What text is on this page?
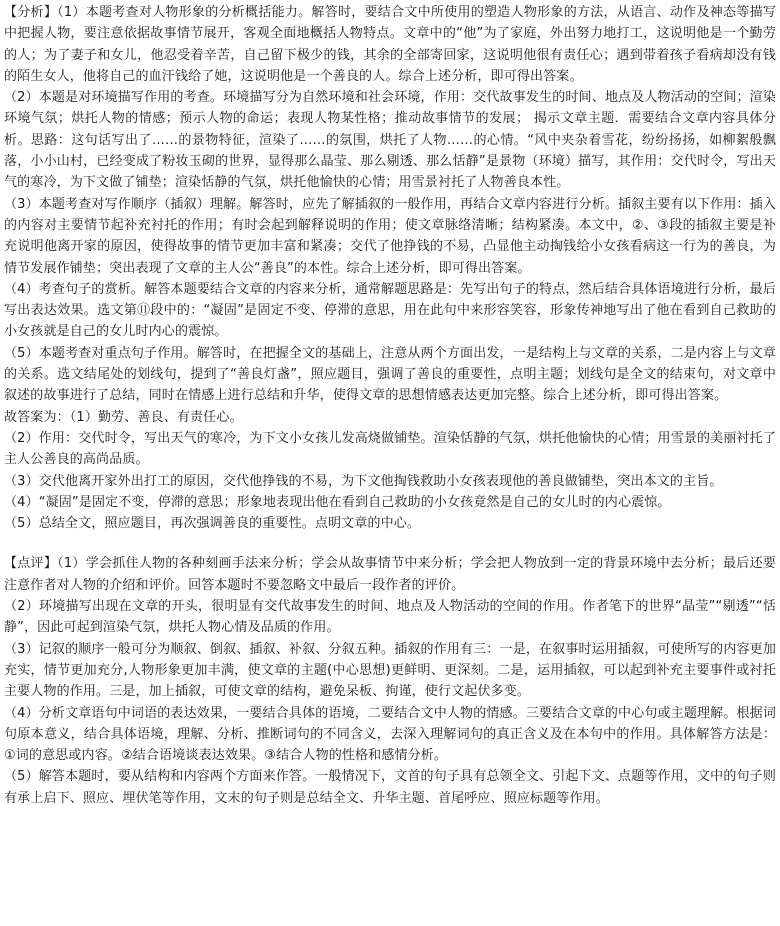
【分析】（1）本题考查对人物形象的分析概括能力。解答时，要结合文中所使用的塑造人物形象的方法，从语言、动作及神态等描写中把握人物，要注意依据故事情节展开，客观全面地概括人物特点。文章中的“他”为了家庭，外出努力地打工，这说明他是一个勤劳的人；为了妻子和女儿，他忍受着辛苦，自己留下极少的钱，其余的全部寄回家，这说明他很有责任心；遇到带着孩子看病却没有钱的陌生女人，他将自己的血汗钱给了她，这说明他是一个善良的人。综合上述分析，即可得出答案。

（2）本题是对环境描写作用的考查。环境描写分为自然环境和社会环境，作用：交代故事发生的时间、地点及人物活动的空间；渲染环境气氛；烘托人物的情感；预示人物的命运；表现人物某性格；推动故事情节的发展； 揭示文章主题．需要结合文章内容具体分析。思路：这句话写出了……的景物特征，渲染了……的氛围，烘托了人物……的心情。“风中夹杂着雪花，纷纷扬扬，如柳絮般飘落，小小山村，已经变成了粉妆玉砌的世界，显得那么晶莹、那么剔透、那么恬静”是景物（环境）描写，其作用：交代时令，写出天气的寒冷，为下文做了铺垫；渲染恬静的气氛，烘托他愉快的心情；用雪景衬托了人物善良本性。

（3）本题考查对写作顺序（插叙）理解。解答时，应先了解插叙的一般作用，再结合文章内容进行分析。插叙主要有以下作用：插入的内容对主要情节起补充衬托的作用；有时会起到解释说明的作用；使文章脉络清晰；结构紧凑。本文中，②、③段的插叙主要是补充说明他离开家的原因，使得故事的情节更加丰富和紧凑；交代了他挣钱的不易，凸显他主动掏钱给小女孩看病这一行为的善良，为情节发展作铺垫；突出表现了文章的主人公“善良”的本性。综合上述分析，即可得出答案。

（4）考查句子的赏析。解答本题要结合文章的内容来分析，通常解题思路是：先写出句子的特点，然后结合具体语境进行分析，最后写出表达效果。选文第⑪段中的：“凝固”是固定不变、停滞的意思，用在此句中来形容笑容，形象传神地写出了他在看到自己救助的小女孩就是自己的女儿时内心的震惊。

（5）本题考查对重点句子作用。解答时，在把握全文的基础上，注意从两个方面出发，一是结构上与文章的关系，二是内容上与文章的关系。选文结尾处的划线句，提到了“善良灯盏”，照应题目，强调了善良的重要性，点明主题；划线句是全文的结束句，对文章中叙述的故事进行了总结，同时在情感上进行总结和升华，使得文章的思想情感表达更加完整。综合上述分析，即可得出答案。

故答案为：（1）勤劳、善良、有责任心。

（2）作用：交代时令，写出天气的寒冷，为下文小女孩儿发高烧做铺垫。渲染恬静的气氛，烘托他愉快的心情；用雪景的美丽衬托了主人公善良的高尚品质。

（3）交代他离开家外出打工的原因，交代他挣钱的不易，为下文他掏钱救助小女孩表现他的善良做铺垫，突出本文的主旨。

（4）“凝固”是固定不变，停滞的意思；形象地表现出他在看到自己救助的小女孩竟然是自己的女儿时的内心震惊。

（5）总结全文，照应题目，再次强调善良的重要性。点明文章的中心。

【点评】（1）学会抓住人物的各种刻画手法来分析；学会从故事情节中来分析；学会把人物放到一定的背景环境中去分析；最后还要注意作者对人物的介绍和评价。回答本题时不要忽略文中最后一段作者的评价。

（2）环境描写出现在文章的开头，很明显有交代故事发生的时间、地点及人物活动的空间的作用。作者笔下的世界“晶莹”“剔透”“恬静”，因此可起到渲染气氛，烘托人物心情及品质的作用。

（3）记叙的顺序一般可分为顺叙、倒叙、插叙、补叙、分叙五种。插叙的作用有三：一是，在叙事时运用插叙，可使所写的内容更加充实，情节更加充分,人物形象更加丰满，使文章的主题(中心思想)更鲜明、更深刻。二是，运用插叙，可以起到补充主要事件或衬托主要人物的作用。三是，加上插叙，可使文章的结构，避免呆板、拘谨，使行文起伏多变。

（4）分析文章语句中词语的表达效果，一要结合具体的语境，二要结合文中人物的情感。三要结合文章的中心句或主题理解。根据词句原本意义，结合具体语境，理解、分析、推断词句的不同含义，去深入理解词句的真正含义及在本句中的作用。具体解答方法是：①词的意思或内容。②结合语境谈表达效果。③结合人物的性格和感情分析。

（5）解答本题时，要从结构和内容两个方面来作答。一般情况下，文首的句子具有总领全文、引起下文、点题等作用，文中的句子则有承上启下、照应、埋伏笔等作用，文末的句子则是总结全文、升华主题、首尾呼应、照应标题等作用。
